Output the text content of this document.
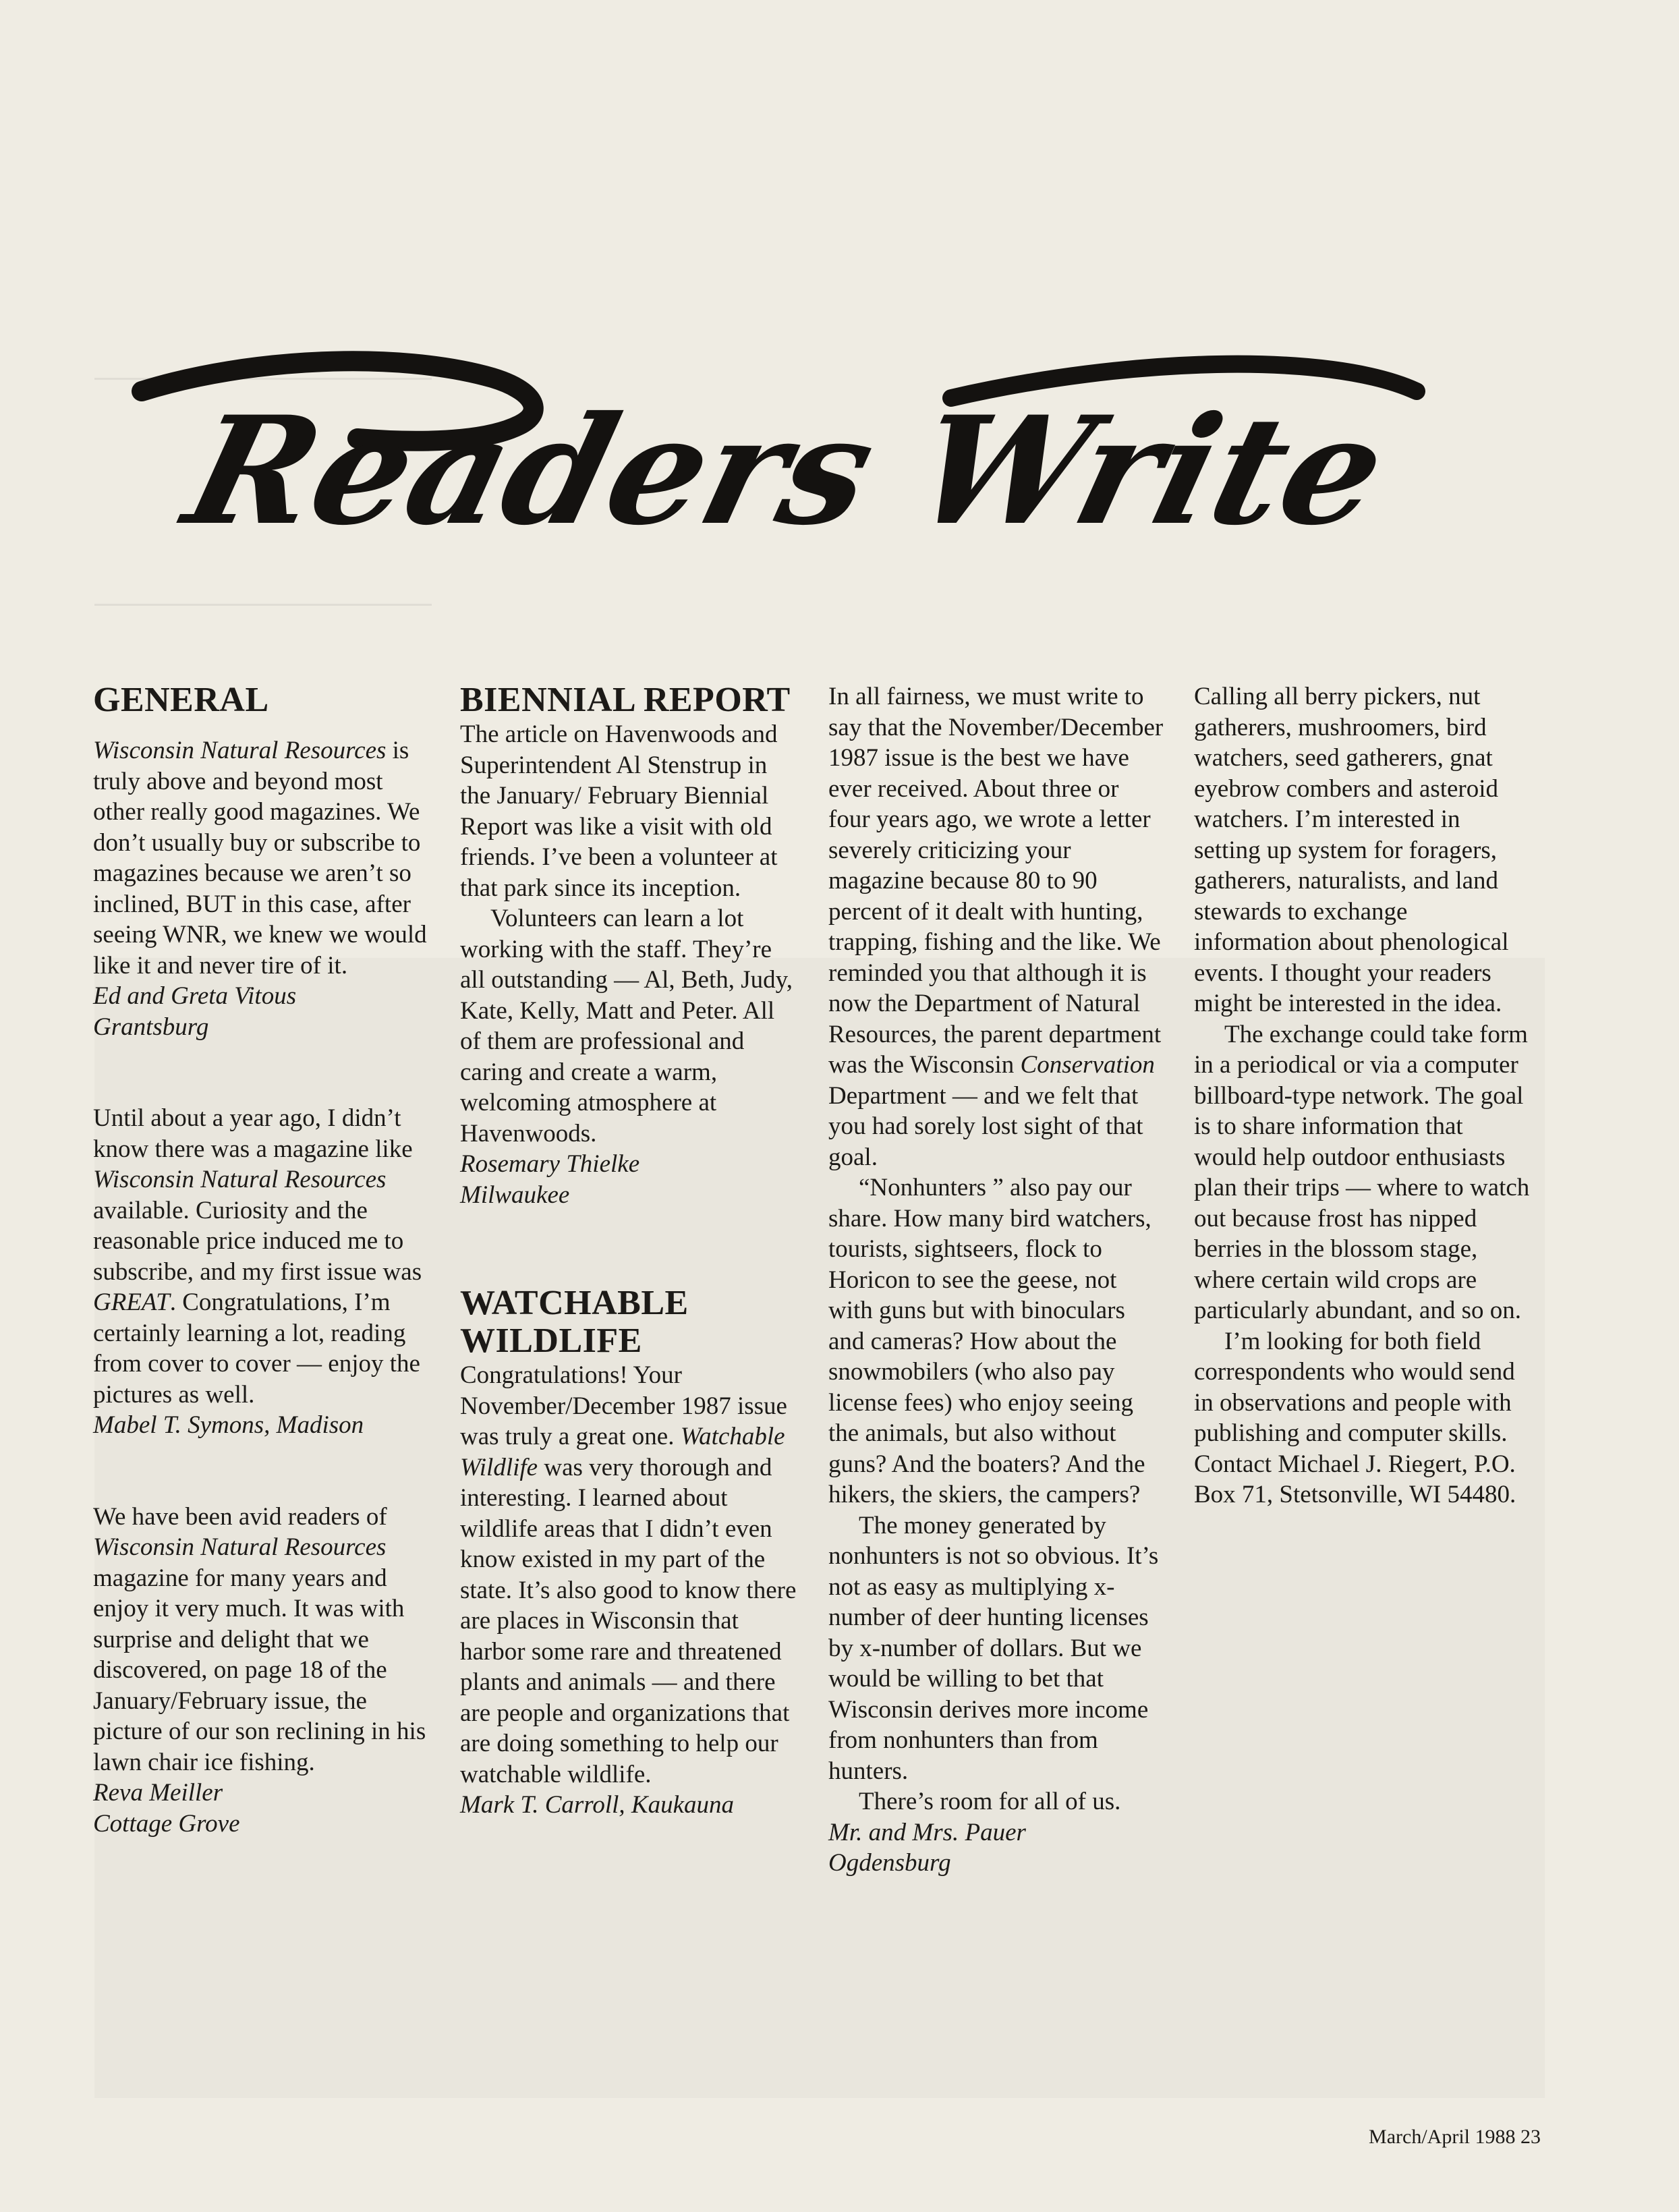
Readers Write
GENERAL

Wisconsin Natural Resources is truly above and beyond most other really good magazines. We don’t usually buy or subscribe to magazines because we aren’t so inclined, BUT in this case, after seeing WNR, we knew we would like it and never tire of it.

Ed and Greta Vitous

Grantsburg

Until about a year ago, I didn’t know there was a magazine like Wisconsin Natural Resources available. Curiosity and the reasonable price induced me to subscribe, and my first issue was GREAT. Congratulations, I’m certainly learning a lot, reading from cover to cover — enjoy the pictures as well.

Mabel T. Symons, Madison

We have been avid readers of Wisconsin Natural Resources magazine for many years and enjoy it very much. It was with surprise and delight that we discovered, on page 18 of the January/February issue, the picture of our son reclining in his lawn chair ice fishing.

Reva Meiller

Cottage Grove

BIENNIAL REPORT

The article on Havenwoods and Superintendent Al Stenstrup in the January/ February Biennial Report was like a visit with old friends. I’ve been a volunteer at that park since its inception.

Volunteers can learn a lot working with the staff. They’re all outstanding — Al, Beth, Judy, Kate, Kelly, Matt and Peter. All of them are professional and caring and create a warm, welcoming atmosphere at Havenwoods.

Rosemary Thielke

Milwaukee

WATCHABLE WILDLIFE

Congratulations! Your November/December 1987 issue was truly a great one. Watchable Wildlife was very thorough and interesting. I learned about wildlife areas that I didn’t even know existed in my part of the state. It’s also good to know there are places in Wisconsin that harbor some rare and threatened plants and animals — and there are people and organizations that are doing something to help our watchable wildlife.

Mark T. Carroll, Kaukauna

In all fairness, we must write to say that the November/December 1987 issue is the best we have ever received. About three or four years ago, we wrote a letter severely criticizing your magazine because 80 to 90 percent of it dealt with hunting, trapping, fishing and the like. We reminded you that although it is now the Department of Natural Resources, the parent department was the Wisconsin Conservation Department — and we felt that you had sorely lost sight of that goal.

“Nonhunters ” also pay our share. How many bird watchers, tourists, sightseers, flock to Horicon to see the geese, not with guns but with binoculars and cameras? How about the snowmobilers (who also pay license fees) who enjoy seeing the animals, but also without guns? And the boaters? And the hikers, the skiers, the campers?

The money generated by nonhunters is not so obvious. It’s not as easy as multiplying x-number of deer hunting licenses by x-number of dollars. But we would be willing to bet that Wisconsin derives more income from nonhunters than from hunters.

There’s room for all of us.

Mr. and Mrs. Pauer

Ogdensburg

Calling all berry pickers, nut gatherers, mushroomers, bird watchers, seed gatherers, gnat eyebrow combers and asteroid watchers. I’m interested in setting up system for foragers, gatherers, naturalists, and land stewards to exchange information about phenological events. I thought your readers might be interested in the idea.

The exchange could take form in a periodical or via a computer billboard-type network. The goal is to share information that would help outdoor enthusiasts plan their trips — where to watch out because frost has nipped berries in the blossom stage, where certain wild crops are particularly abundant, and so on.

I’m looking for both field correspondents who would send in observations and people with publishing and computer skills. Contact Michael J. Riegert, P.O. Box 71, Stetsonville, WI 54480.

March/April 1988 23
